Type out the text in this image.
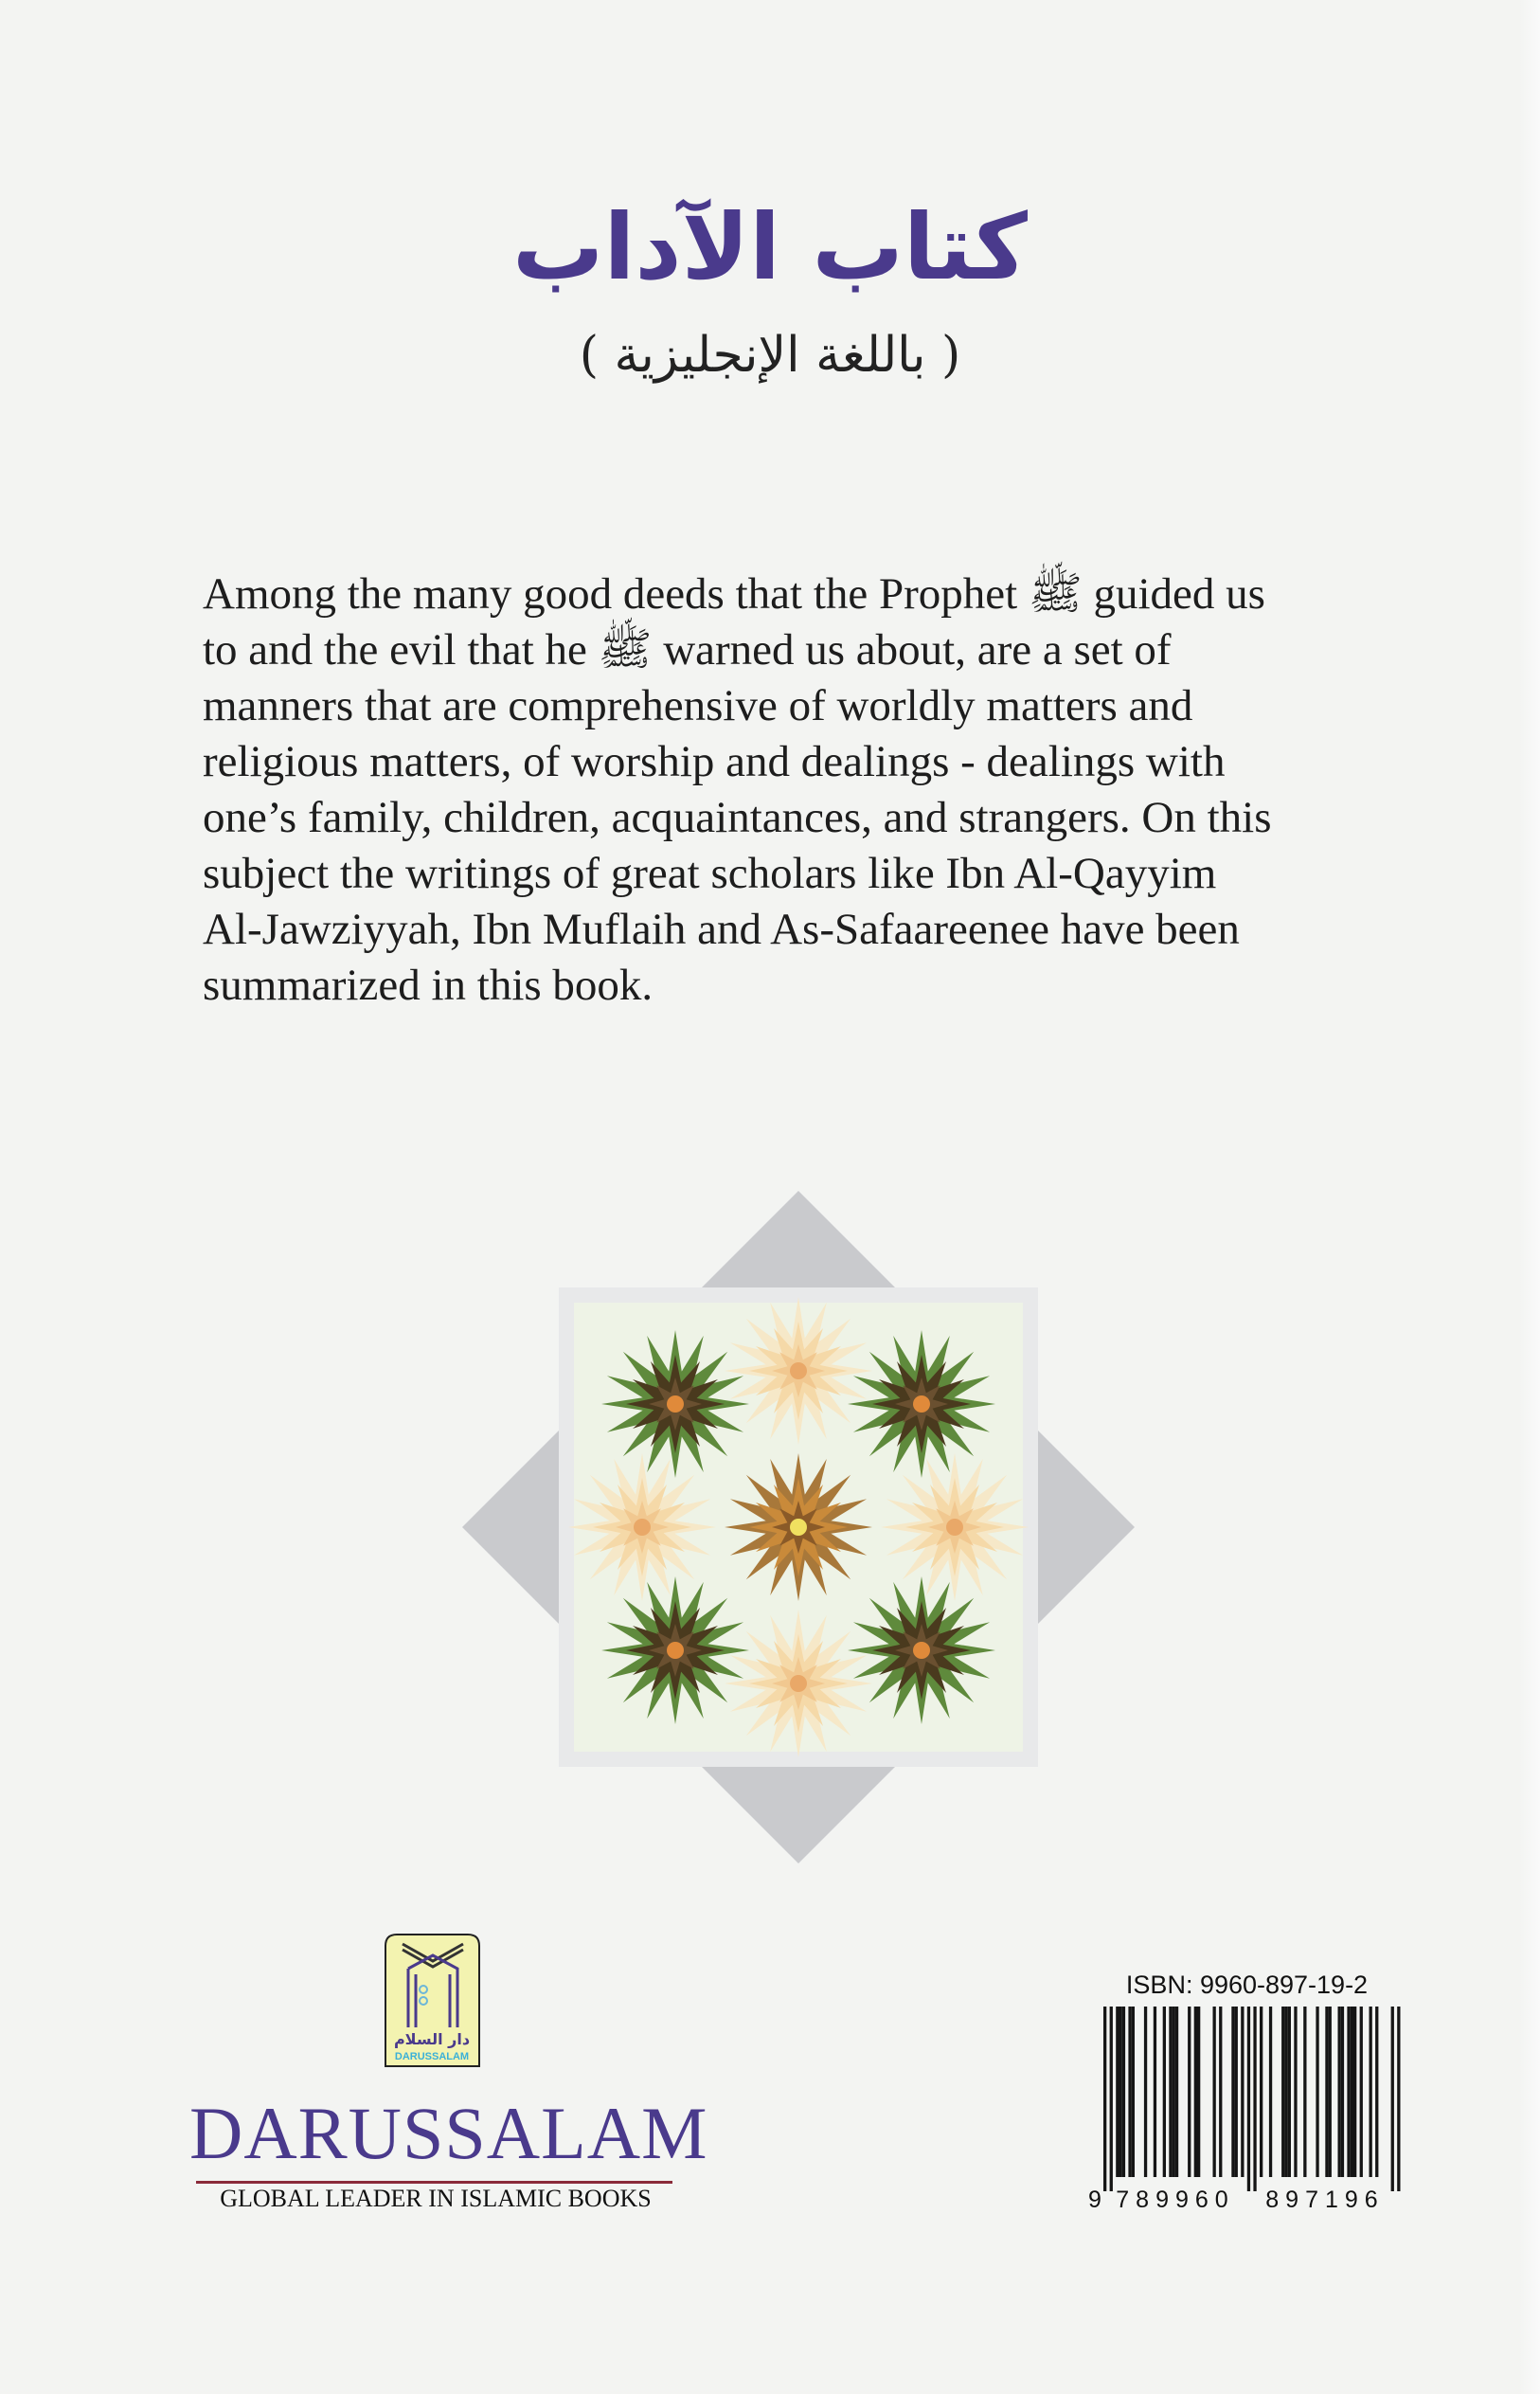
كتاب الآداب
( باللغة الإنجليزية )
Among the many good deeds that the Prophet ﷺ guided us
to and the evil that he ﷺ warned us about, are a set of
manners that are comprehensive of worldly matters and
religious matters, of worship and dealings - dealings with
one’s family, children, acquaintances, and strangers. On this
subject the writings of great scholars like Ibn Al-Qayyim
Al-Jawziyyah, Ibn Muflaih and As-Safaareenee have been
summarized in this book.
دار السلام
DARUSSALAM
DARUSSALAM
GLOBAL LEADER IN ISLAMIC BOOKS
ISBN: 9960-897-19-2
9 789960 897196
